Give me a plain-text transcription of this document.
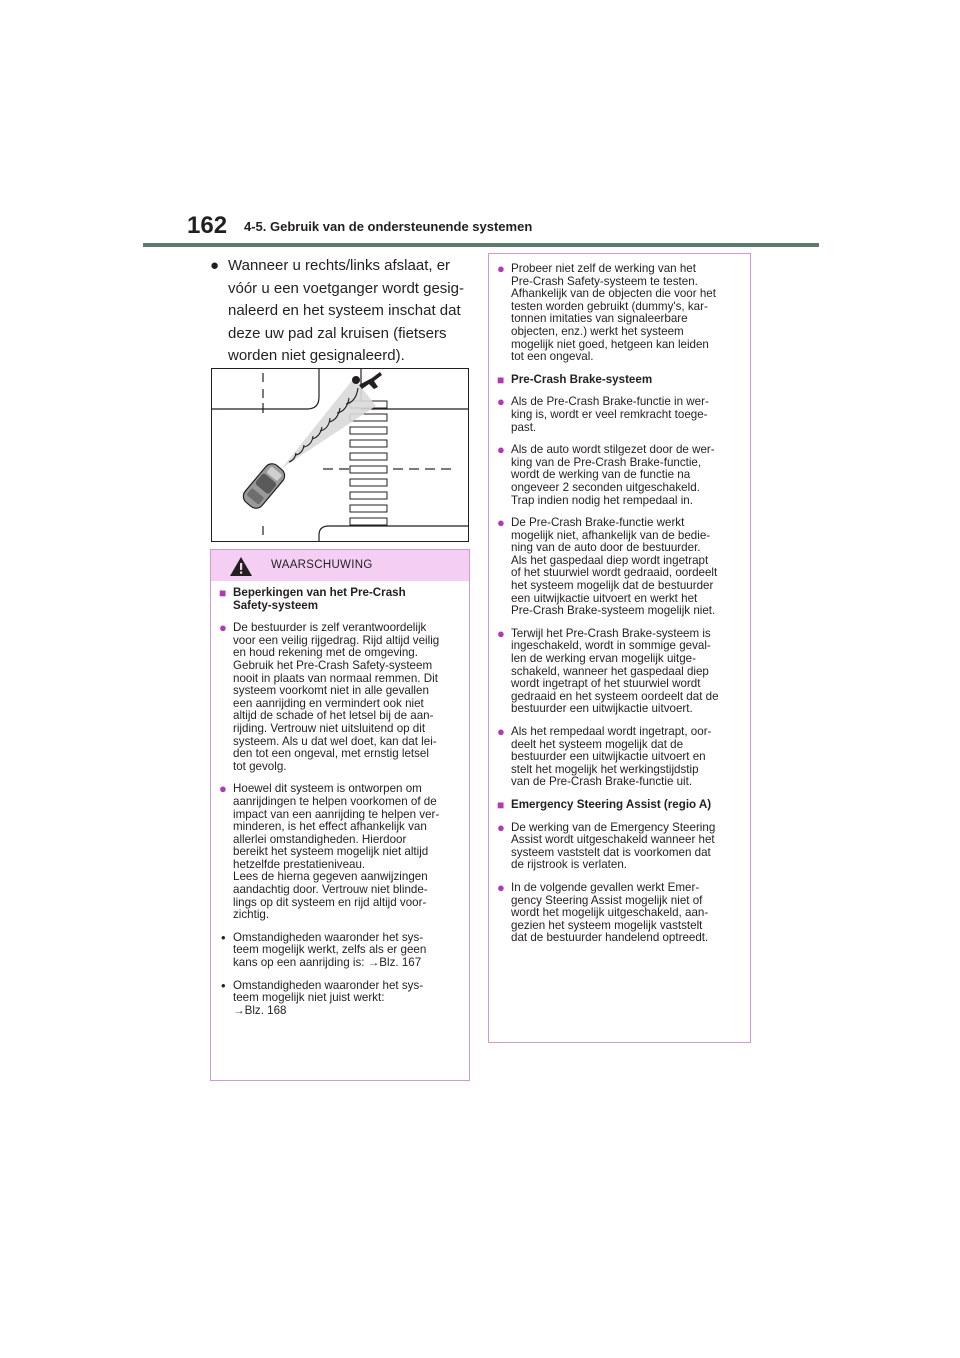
162 4-5. Gebruik van de ondersteunende systemen
● Wanneer u rechts/links afslaat, er
vóór u een voetganger wordt gesig-
naleerd en het systeem inschat dat
deze uw pad zal kruisen (fietsers
worden niet gesignaleerd).
WAARSCHUWING
■ Beperkingen van het Pre-Crash
Safety-systeem
● De bestuurder is zelf verantwoordelijk
voor een veilig rijgedrag. Rijd altijd veilig
en houd rekening met de omgeving.
Gebruik het Pre-Crash Safety-systeem
nooit in plaats van normaal remmen. Dit
systeem voorkomt niet in alle gevallen
een aanrijding en vermindert ook niet
altijd de schade of het letsel bij de aan-
rijding. Vertrouw niet uitsluitend op dit
systeem. Als u dat wel doet, kan dat lei-
den tot een ongeval, met ernstig letsel
tot gevolg.
● Hoewel dit systeem is ontworpen om
aanrijdingen te helpen voorkomen of de
impact van een aanrijding te helpen ver-
minderen, is het effect afhankelijk van
allerlei omstandigheden. Hierdoor
bereikt het systeem mogelijk niet altijd
hetzelfde prestatieniveau.
Lees de hierna gegeven aanwijzingen
aandachtig door. Vertrouw niet blinde-
lings op dit systeem en rijd altijd voor-
zichtig.
• Omstandigheden waaronder het sys-
teem mogelijk werkt, zelfs als er geen
kans op een aanrijding is: →Blz. 167
• Omstandigheden waaronder het sys-
teem mogelijk niet juist werkt:
→Blz. 168
● Probeer niet zelf de werking van het
Pre-Crash Safety-systeem te testen.
Afhankelijk van de objecten die voor het
testen worden gebruikt (dummy's, kar-
tonnen imitaties van signaleerbare
objecten, enz.) werkt het systeem
mogelijk niet goed, hetgeen kan leiden
tot een ongeval.
■ Pre-Crash Brake-systeem
● Als de Pre-Crash Brake-functie in wer-
king is, wordt er veel remkracht toege-
past.
● Als de auto wordt stilgezet door de wer-
king van de Pre-Crash Brake-functie,
wordt de werking van de functie na
ongeveer 2 seconden uitgeschakeld.
Trap indien nodig het rempedaal in.
● De Pre-Crash Brake-functie werkt
mogelijk niet, afhankelijk van de bedie-
ning van de auto door de bestuurder.
Als het gaspedaal diep wordt ingetrapt
of het stuurwiel wordt gedraaid, oordeelt
het systeem mogelijk dat de bestuurder
een uitwijkactie uitvoert en werkt het
Pre-Crash Brake-systeem mogelijk niet.
● Terwijl het Pre-Crash Brake-systeem is
ingeschakeld, wordt in sommige geval-
len de werking ervan mogelijk uitge-
schakeld, wanneer het gaspedaal diep
wordt ingetrapt of het stuurwiel wordt
gedraaid en het systeem oordeelt dat de
bestuurder een uitwijkactie uitvoert.
● Als het rempedaal wordt ingetrapt, oor-
deelt het systeem mogelijk dat de
bestuurder een uitwijkactie uitvoert en
stelt het mogelijk het werkingstijdstip
van de Pre-Crash Brake-functie uit.
■ Emergency Steering Assist (regio A)
● De werking van de Emergency Steering
Assist wordt uitgeschakeld wanneer het
systeem vaststelt dat is voorkomen dat
de rijstrook is verlaten.
● In de volgende gevallen werkt Emer-
gency Steering Assist mogelijk niet of
wordt het mogelijk uitgeschakeld, aan-
gezien het systeem mogelijk vaststelt
dat de bestuurder handelend optreedt.
